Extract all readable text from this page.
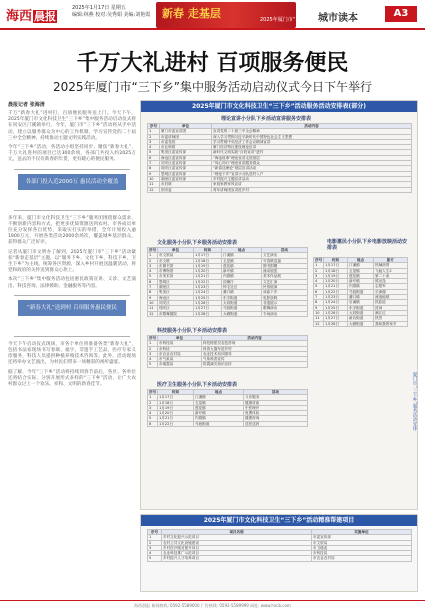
海西 晨报
2025年1月17日 星期五
编辑:林燕 校对:吴秀娟 美编:刘艳霞 新春 走基层	2025年厦门市“三下乡”活动
城市读本	A3
千万大礼进村 百项服务便民
2025年厦门市“三下乡”集中服务活动启动仪式今日下午举行
晨报记者 张海清

千万“新春大礼”进村打，百项便民服务送上门。今天下午，2025年厦门市文化科技卫生“三下乡”集中服务活动启动仪式将在同安区汀溪镇举行。今年，厦门市“三下乡”活动将从手中活动，建立以服务群众为中心的工作机制，学习宣传党的二十届三中全会精神，持续推动主题文明实践活动。

今年“三下乡”活动，各活动小组坚持同步、聚焦“新春大礼”，千万大礼进村的项目已达300余项，各部门共投入约2025万元，送去的不仅有新春的年货，更有暖心的便民服务。

各部门投入近2000万 惠民活动全覆盖

多年来，厦门市文化科技卫生“三下乡”服务团围绕群众需求，不断创新内容和方式，把更多优质资源送到农村。市各成员单位充分发挥各自优势，采取实打实的举措，全年计划投入逾1900万元，开展各类活动2000余场次，覆盖城乡基层群众，获得群众广泛好评。

记者从厦门市文明办了解到，2025年厦门市“三下乡”活动紧扣“新春走基层”主题，以“服务下乡、文化下乡、科技下乡、卫生下乡”为主线，统筹各区资源，深入乡村开展送温暖活动，将党和政府的关怀送到群众心坎上。

本次“三下乡”集中服务活动包括惠民政策宣讲、义诊、文艺演出、科技咨询、法律援助、金融服务等内容。

“新春大礼”送到村 百项服务惠民便民

今天下午启动仪式现场，市各个单位将准备各类“新春大礼”，包括书法家现场书写春联、福字，非遗手工艺品，医疗专家义诊服务，科技人员提供种植养殖技术咨询等。此外，活动现场还将举办文艺演出，为村民们带来一场精彩的视听盛宴。

据了解，今年“三下乡”活动将持续到春节前后，各区、各单位还将结合实际，分别开展形式多样的“三下乡”活动，让广大农村群众过上一个欢乐、祥和、文明的新春佳节。

2025年厦门市文化科技卫生“三下乡”活动服务活动安排表(部分)
理论宣讲小分队下乡活动宣讲服务安排表
序号	单位	活动内容
1	厦门市委宣讲团	宣讲党的二十届三中全会精神
2	市委讲师团	深入学习贯彻习近平新时代中国特色社会主义思想
3	市委党校	学习贯彻中央经济工作会议精神宣讲
4	市社科联	厦门经济特区建设理论宣讲
5	集美区委宣传部	新时代文明实践“百姓宣讲”进村
6	海沧区委宣传部	“海沧故事”理论宣讲走进基层
7	同安区委宣传部	“同心同行”理论宣讲服务群众
8	翔安区委宣传部	“新春送理论”基层宣讲活动
9	思明区委宣传部	“理论下乡”宣讲小分队进村入户
10	湖里区委宣传部	乡村振兴主题宣讲活动
11	市妇联	家庭家教家风宣讲
12	团市委	青年讲师团宣讲进乡村
文化服务小分队下乡服务活动安排表
序号	单位	时间	地点	活动
1	市文旅局	1月17日	汀溪镇	文艺演出
2	市文联	1月18日	五显镇	写春联送福
3	市图书馆	1月19日	莲花镇	图书捐赠
4	市博物馆	1月20日	新圩镇	流动展览
5	市美术馆	1月21日	内厝镇	美术作品展
6	思明区	1月22日	顶澳仔	文艺汇演
7	湖里区	1月23日	钟宅社区	民俗展演
8	集美区	1月24日	灌口镇	戏曲下乡
9	海沧区	1月25日	东孚街道	电影放映
10	同安区	1月26日	大同街道	非遗展示
11	翔安区	1月27日	马巷街道	歌舞演出
12	市歌舞剧院	1月28日	大嶝街道	专场演出
电影惠民小分队下乡电影放映活动安排表
序号	时间	地点	影片
1	1月17日	汀溪镇	热辣滚烫
2	1月18日	五显镇	飞驰人生2
3	1月19日	莲花镇	第二十条
4	1月20日	新圩镇	熊出没
5	1月21日	内厝镇	志愿军
6	1月22日	马巷街道	长津湖
7	1月23日	灌口镇	流浪地球
8	1月24日	后溪镇	抓娃娃
9	1月25日	东孚街道	封神
10	1月26日	大同街道	满江红
11	1月27日	新店街道	热烈
12	1月28日	大嶝街道	我和我的家乡
科技服务小分队下乡活动安排表
序号	单位	活动内容
1	市科技局	科技特派员农技咨询
2	市科协	科普大篷车进乡村
3	市农业农村局	农业技术培训指导
4	市气象局	气象科普宣传
5	市地震局	防震减灾知识宣传
医疗卫生服务小分队下乡活动安排表
序号	时间	地点	活动
1	1月17日	汀溪镇	义诊服务
2	1月18日	五显镇	健康讲座
3	1月19日	莲花镇	中医理疗
4	1月20日	新圩镇	免费体检
5	1月21日	内厝镇	健康咨询
6	1月22日	马巷街道	送医送药	厦门市“三下乡”服务活动安排
2025年厦门市文化科技卫生“三下乡”活动精准帮建项目
序号	项目名称	实施单位
1	乡村文化振兴示范项目	市委宣传部
2	农村公共文化设施建设	市文旅局
3	乡村医疗服务提升项目	市卫健委
4	农业科技推广示范项目	市科技局
5	乡村振兴人才培养项目	市农业农村局
海西晨报 新闻热线: 0592-5589000 广告热线: 0592-5589999 网址: www.hxcb.com
